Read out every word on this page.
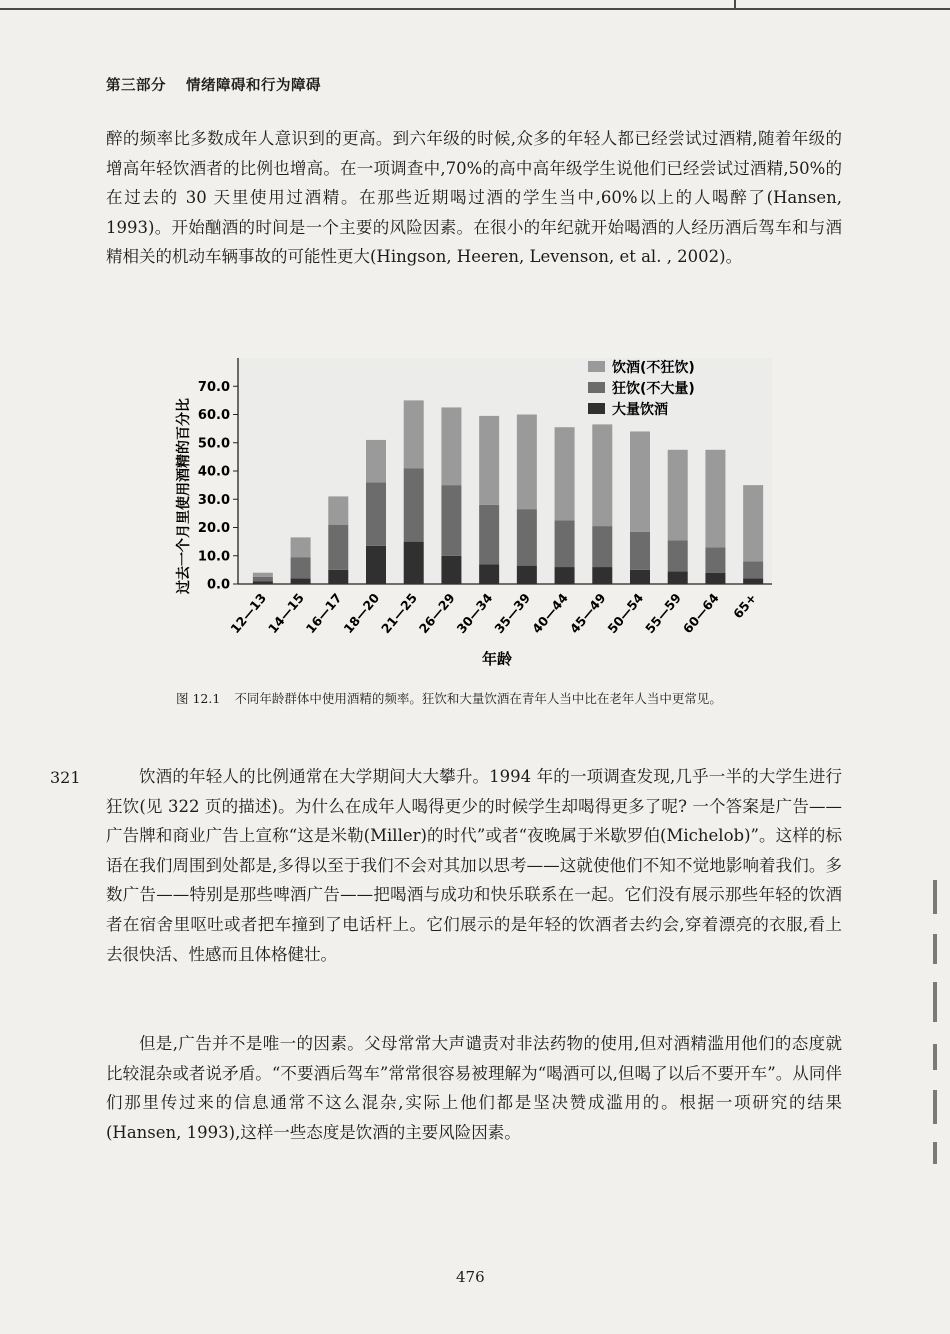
第三部分 情绪障碍和行为障碍
醉的频率比多数成年人意识到的更高。到六年级的时候,众多的年轻人都已经尝试过酒精,随着年级的增高年轻饮酒者的比例也增高。在一项调查中,70%的高中高年级学生说他们已经尝试过酒精,50%的在过去的 30 天里使用过酒精。在那些近期喝过酒的学生当中,60%以上的人喝醉了(Hansen, 1993)。开始酗酒的时间是一个主要的风险因素。在很小的年纪就开始喝酒的人经历酒后驾车和与酒精相关的机动车辆事故的可能性更大(Hingson, Heeren, Levenson, et al. , 2002)。
0.0
10.0
20.0
30.0
40.0
50.0
60.0
70.0
12—13
14—15
16—17
18—20
21—25
26—29
30—34
35—39
40—44
45—49
50—54
55—59
60—64 65+
过去一个月里使用酒精的百分比
年龄
饮酒(不狂饮)
狂饮(不大量)
大量饮酒
图 12.1 不同年龄群体中使用酒精的频率。狂饮和大量饮酒在青年人当中比在老年人当中更常见。
321	饮酒的年轻人的比例通常在大学期间大大攀升。1994 年的一项调查发现,几乎一半的大学生进行狂饮(见 322 页的描述)。为什么在成年人喝得更少的时候学生却喝得更多了呢? 一个答案是广告——广告牌和商业广告上宣称“这是米勒(Miller)的时代”或者“夜晚属于米歇罗伯(Michelob)”。这样的标语在我们周围到处都是,多得以至于我们不会对其加以思考——这就使他们不知不觉地影响着我们。多数广告——特别是那些啤酒广告——把喝酒与成功和快乐联系在一起。它们没有展示那些年轻的饮酒者在宿舍里呕吐或者把车撞到了电话杆上。它们展示的是年轻的饮酒者去约会,穿着漂亮的衣服,看上去很快活、性感而且体格健壮。
但是,广告并不是唯一的因素。父母常常大声谴责对非法药物的使用,但对酒精滥用他们的态度就比较混杂或者说矛盾。“不要酒后驾车”常常很容易被理解为“喝酒可以,但喝了以后不要开车”。从同伴们那里传过来的信息通常不这么混杂,实际上他们都是坚决赞成滥用的。根据一项研究的结果(Hansen, 1993),这样一些态度是饮酒的主要风险因素。
476
